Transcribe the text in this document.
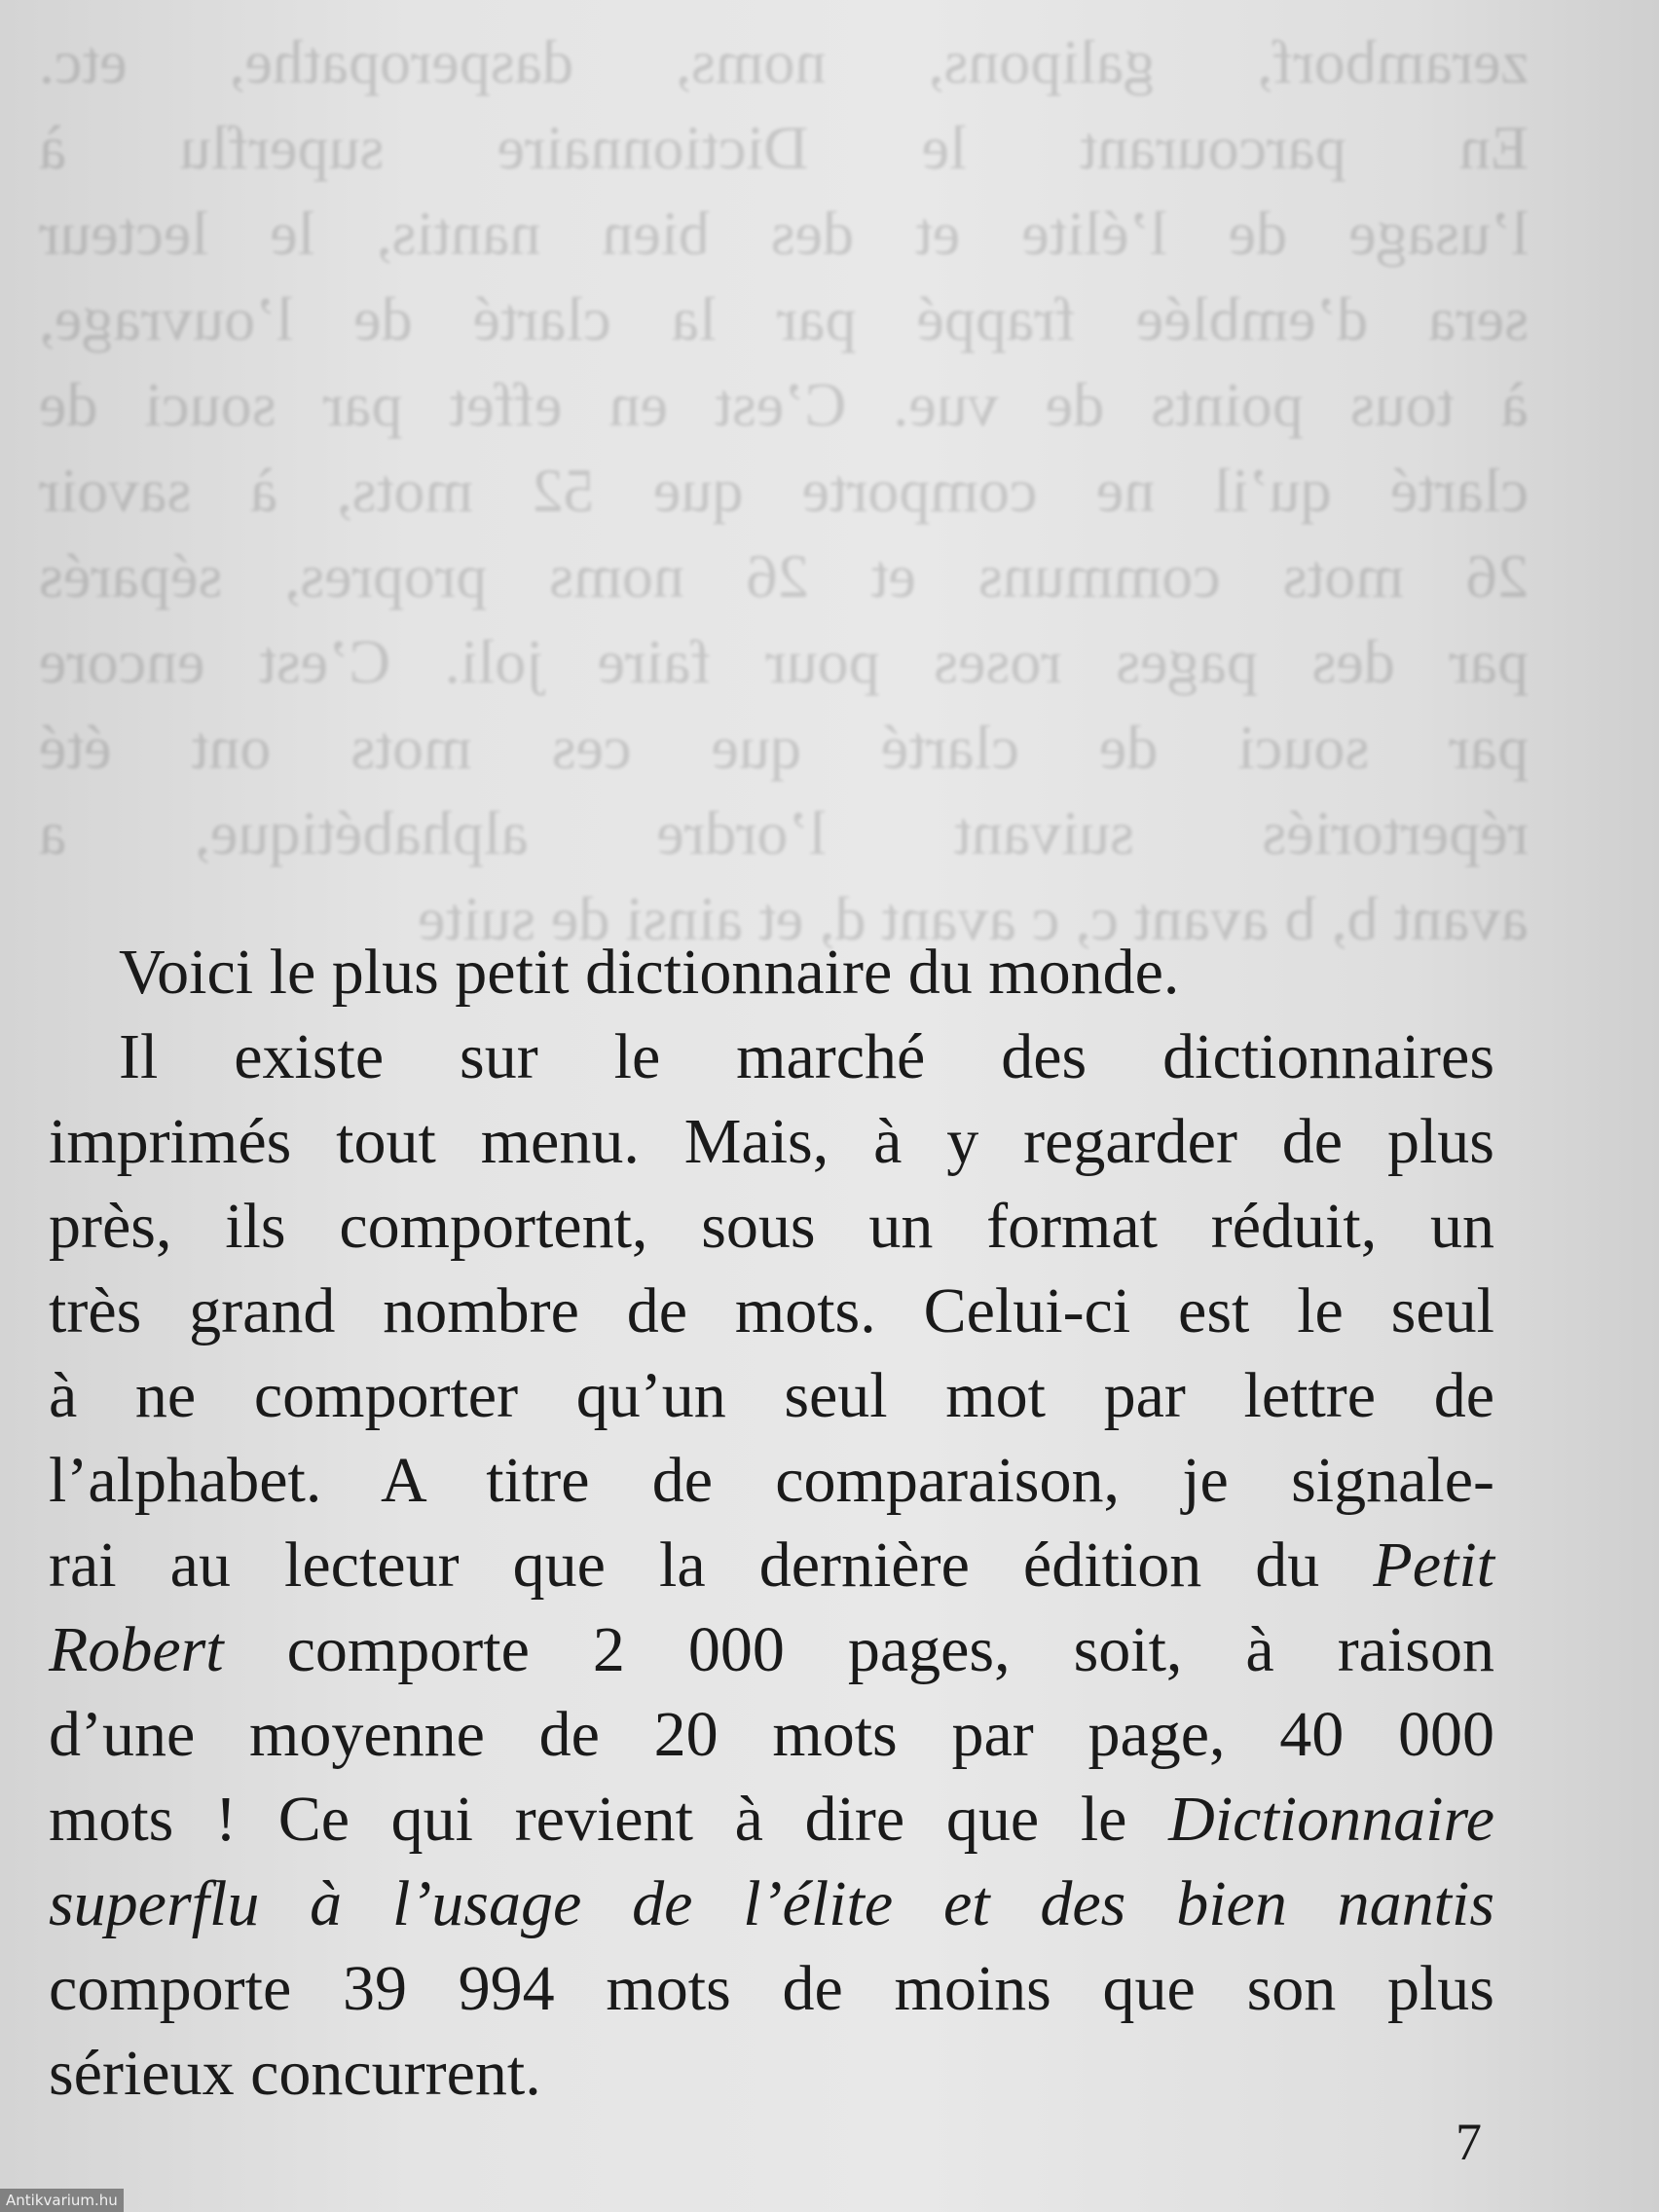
zeramborf, galipons, noms, dasperopathe, etc.

En parcourant le Dictionnaire superflu à

l’usage de l’élite et des bien nantis, le lecteur

sera d’emblée frappé par la clarté de l’ouvrage,

à tous points de vue. C’est en effet par souci de

clarté qu’il ne comporte que 52 mots, à savoir

26 mots communs et 26 noms propres, séparés

par des pages roses pour faire joli. C’est encore

par souci de clarté que ces mots ont été

répertoriés suivant l’ordre alphabétique, a

avant b, b avant c, c avant d, et ainsi de suite

Voici le plus petit dictionnaire du monde.

Il existe sur le marché des dictionnaires
imprimés tout menu. Mais, à y regarder de plus
près, ils comportent, sous un format réduit, un
très grand nombre de mots. Celui-ci est le seul
à ne comporter qu’un seul mot par lettre de
l’alphabet. A titre de comparaison, je signale-
rai au lecteur que la dernière édition du Petit
Robert comporte 2 000 pages, soit, à raison
d’une moyenne de 20 mots par page, 40 000
mots ! Ce qui revient à dire que le Dictionnaire
superflu à l’usage de l’élite et des bien nantis
comporte 39 994 mots de moins que son plus
sérieux concurrent.

7
Antikvarium.hu
